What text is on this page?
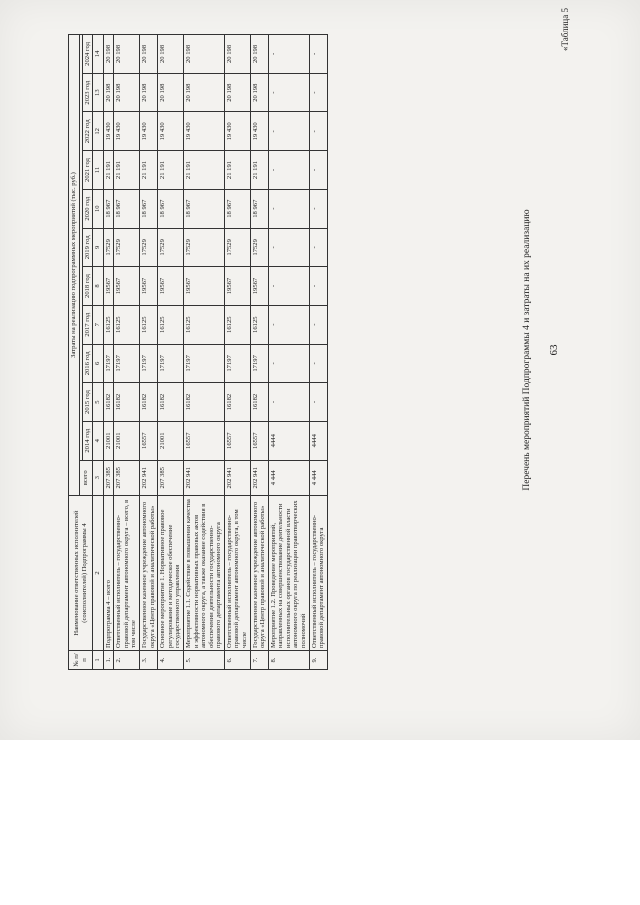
«Таблица 5
№ п/п	Наименование ответственных исполнителей (соисполнителей) Подпрограммы 4	Затраты на реализацию подпрограммных мероприятий (тыс. руб.)											
		всего											
			2014 год	2015 год	2016 год	2017 год	2018 год	2019 год	2020 год	2021 год	2022 год	2023 год	2024 год
1	2	3	4	5	6	7	8	9	10	11	12	13	14
1.	Подпрограмма 4 – всего	207 385	21001	16182	17197	16125	19567	17529	18 967	21 191	19 430	20 198	20 198
2.	Ответственный исполнитель – государственно-правовой департамент автономного округа – всего, в том числе	207 385	21001	16182	17197	16125	19567	17529	18 967	21 191	19 430	20 198	20 198
3.	Государственное казенное учреждение автономного округа «Центр правовой и аналитической работы»	202 941	16557	16182	17197	16125	19567	17529	18 967	21 191	19 430	20 198	20 198
4.	Основное мероприятие 1. Нормативное правовое регулирование и методическое обеспечение государственного управления	207 385	21001	16182	17197	16125	19567	17529	18 967	21 191	19 430	20 198	20 198
5.	Мероприятие 1.1. Содействие в повышении качества и эффективности нормативных правовых актов автономного округа, а также оказание содействия в обеспечении деятельности государственно-правового департамента автономного округа	202 941	16557	16182	17197	16125	19567	17529	18 967	21 191	19 430	20 198	20 198
6.	Ответственный исполнитель – государственно-правовой департамент автономного округа, в том числе	202 941	16557	16182	17197	16125	19567	17529	18 967	21 191	19 430	20 198	20 198
7.	Государственное казенное учреждение автономного округа «Центр правовой и аналитической работы»	202 941	16557	16182	17197	16125	19567	17529	18 967	21 191	19 430	20 198	20 198
8.	Мероприятие 1.2. Проведение мероприятий, направленных на совершенствование деятельности исполнительных органов государственной власти автономного округа по реализации правотворческих полномочий	4 444	4444	-	-	-	-	-	-	-	-	-	-
9.	Ответственный исполнитель – государственно-правовой департамент автономного округа	4 444	4444	-	-	-	-	-	-	-	-	-	-
Перечень мероприятий Подпрограммы 4 и затраты на их реализацию 63
